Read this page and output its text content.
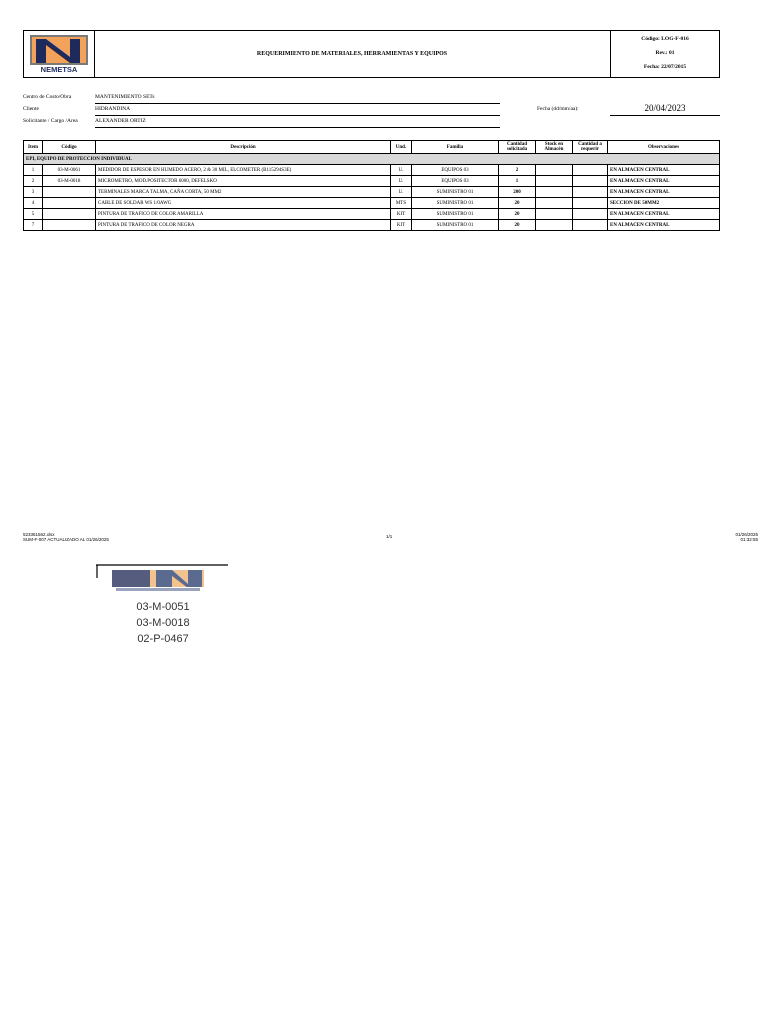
NEMETSA
REQUERIMIENTO DE MATERIALES, HERRAMIENTAS Y EQUIPOS
Código: LOG-F-016
Rev.: 01
Fecha: 22/07/2015
Centro de Costo/Obra	MANTENIMIENTO SETs
Cliente	HIDRANDINA
Solicitante / Cargo /Area	ALEXANDER ORTIZ
Fecha (dd/mm/aa):	20/04/2023
Item	Código	Descripción	Und.	Familia	Cantidad solicitada	Stock en Almacén	Cantidad a requerir	Observaciones
EPI, EQUIPO DE PROTECCION INDIVIDUAL								
1	03-M-0061	MEDIDOR DE ESPESOR EN HUMEDO ACERO, 2 & 30 MIL, ELCOMETER (B115294S3E)	U.	EQUIPOS 03	2			EN ALMACEN CENTRAL
2	03-M-0018	MICROMETRO, MOD.POSITECTOR 6000, DEFELSKO	U.	EQUIPOS 03	1			EN ALMACEN CENTRAL
3		TERMINALES MARCA TALMA, CAÑA CORTA, 50 MM2	U.	SUMINISTRO 01	200			EN ALMACEN CENTRAL
4		CABLE DE SOLDAR WS 1/0AWG	MTS	SUMINISTRO 01	20			SECCION DE 50MM2
5		PINTURA DE TRAFICO DE COLOR AMARILLA	KIT	SUMINISTRO 01	20			EN ALMACEN CENTRAL
7		PINTURA DE TRAFICO DE COLOR NEGRA	KIT	SUMINISTRO 01	20			EN ALMACEN CENTRAL
523351562.xlsx
SUM-F-007 ACTUALIZADO AL 01/26/2025
1/1	01/26/2025
01:32:55
03-M-0051
03-M-0018
02-P-0467
